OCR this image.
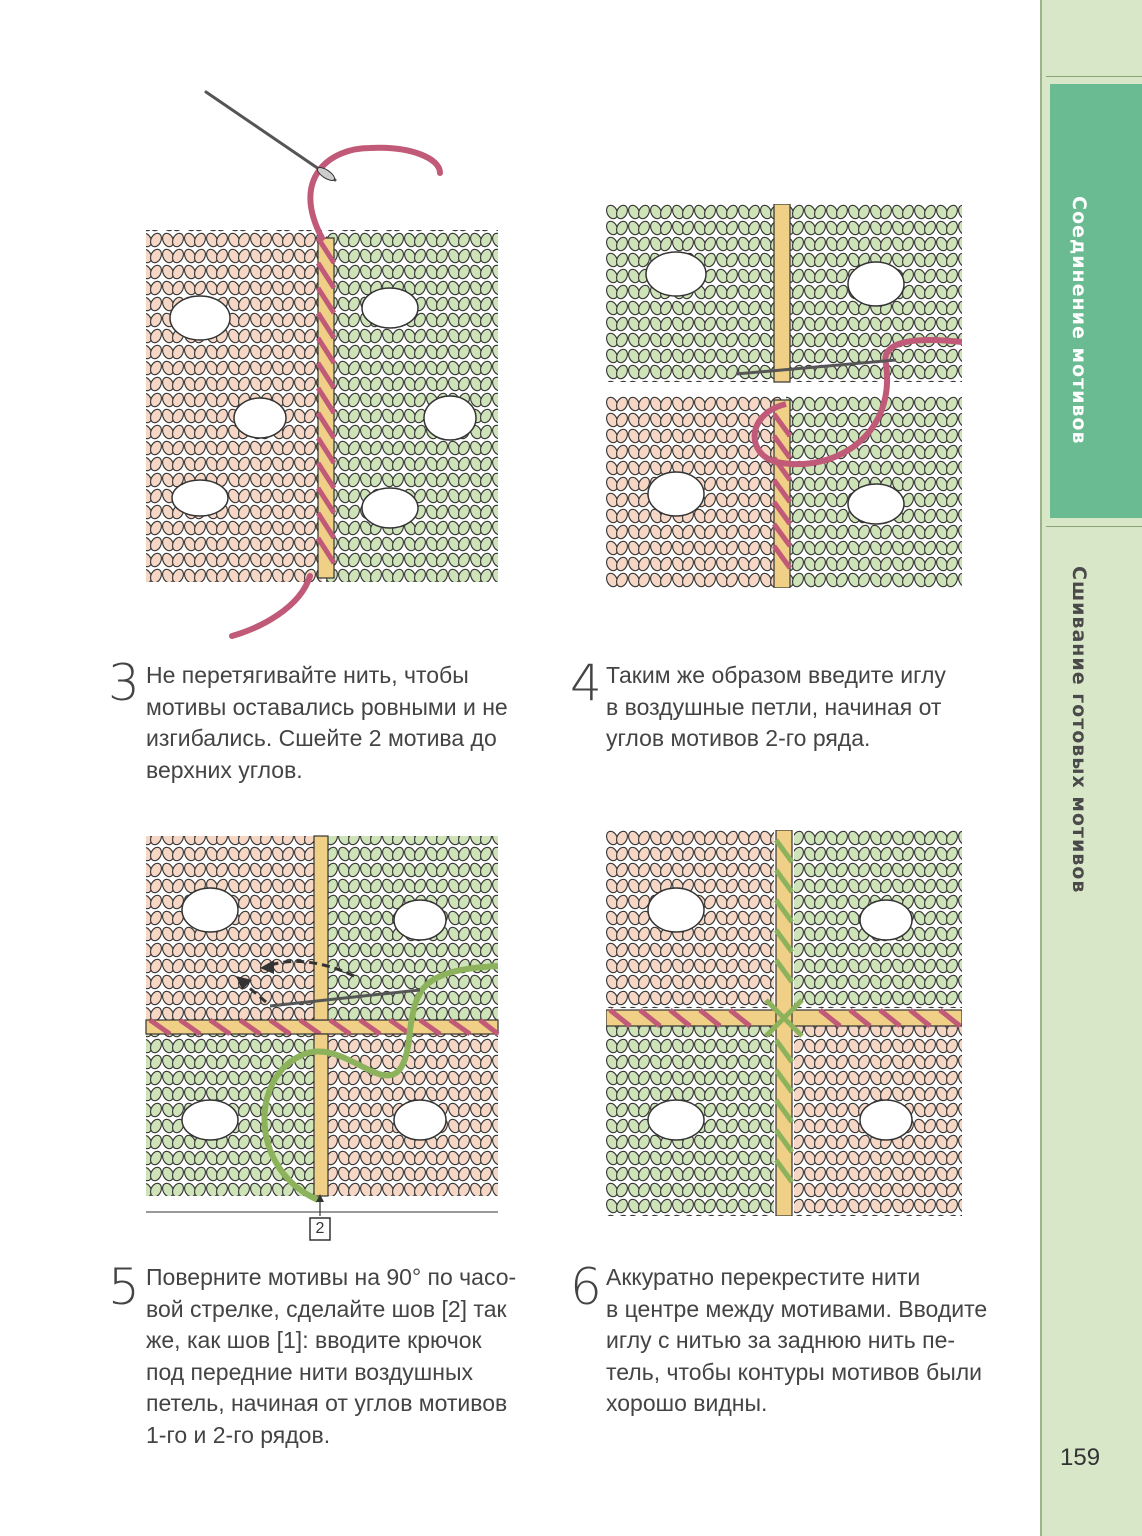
Соединение мотивов
Сшивание готовых мотивов
159
2
3 Не перетягивайте нить, чтобы
мотивы оставались ровными и не
изгибались. Сшейте 2 мотива до
верхних углов.
4 Таким же образом введите иглу
в воздушные петли, начиная от
углов мотивов 2-го ряда.
5 Поверните мотивы на 90° по часо-
вой стрелке, сделайте шов [2] так
же, как шов [1]: вводите крючок
под передние нити воздушных
петель, начиная от углов мотивов
1-го и 2-го рядов.
6 Аккуратно перекрестите нити
в центре между мотивами. Вводите
иглу с нитью за заднюю нить пе-
тель, чтобы контуры мотивов были
хорошо видны.
